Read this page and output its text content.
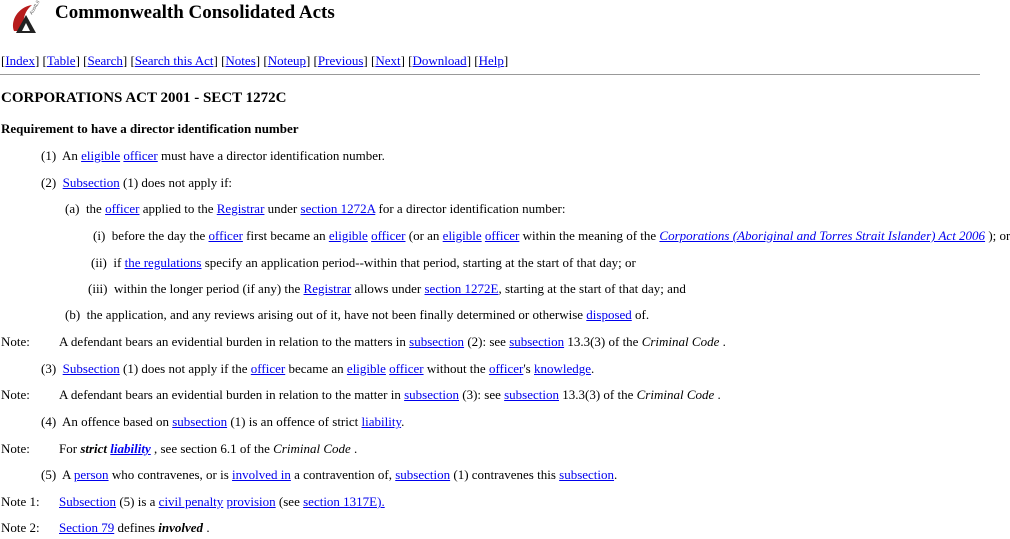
AustLII Commonwealth Consolidated Acts
[Index] [Table] [Search] [Search this Act] [Notes] [Noteup] [Previous] [Next] [Download] [Help]
CORPORATIONS ACT 2001 - SECT 1272C
Requirement to have a director identification number
(1) An eligible officer must have a director identification number.
(2) Subsection (1) does not apply if:
(a) the officer applied to the Registrar under section 1272A for a director identification number:
(i) before the day the officer first became an eligible officer (or an eligible officer within the meaning of the Corporations (Aboriginal and Torres Strait Islander) Act 2006 ); or
(ii) if the regulations specify an application period--within that period, starting at the start of that day; or
(iii) within the longer period (if any) the Registrar allows under section 1272E, starting at the start of that day; and
(b) the application, and any reviews arising out of it, have not been finally determined or otherwise disposed of.
Note: A defendant bears an evidential burden in relation to the matters in subsection (2): see subsection 13.3(3) of the Criminal Code .
(3) Subsection (1) does not apply if the officer became an eligible officer without the officer's knowledge.
Note: A defendant bears an evidential burden in relation to the matter in subsection (3): see subsection 13.3(3) of the Criminal Code .
(4) An offence based on subsection (1) is an offence of strict liability.
Note: For strict liability , see section 6.1 of the Criminal Code .
(5) A person who contravenes, or is involved in a contravention of, subsection (1) contravenes this subsection.
Note 1: Subsection (5) is a civil penalty provision (see section 1317E).
Note 2: Section 79 defines involved .
